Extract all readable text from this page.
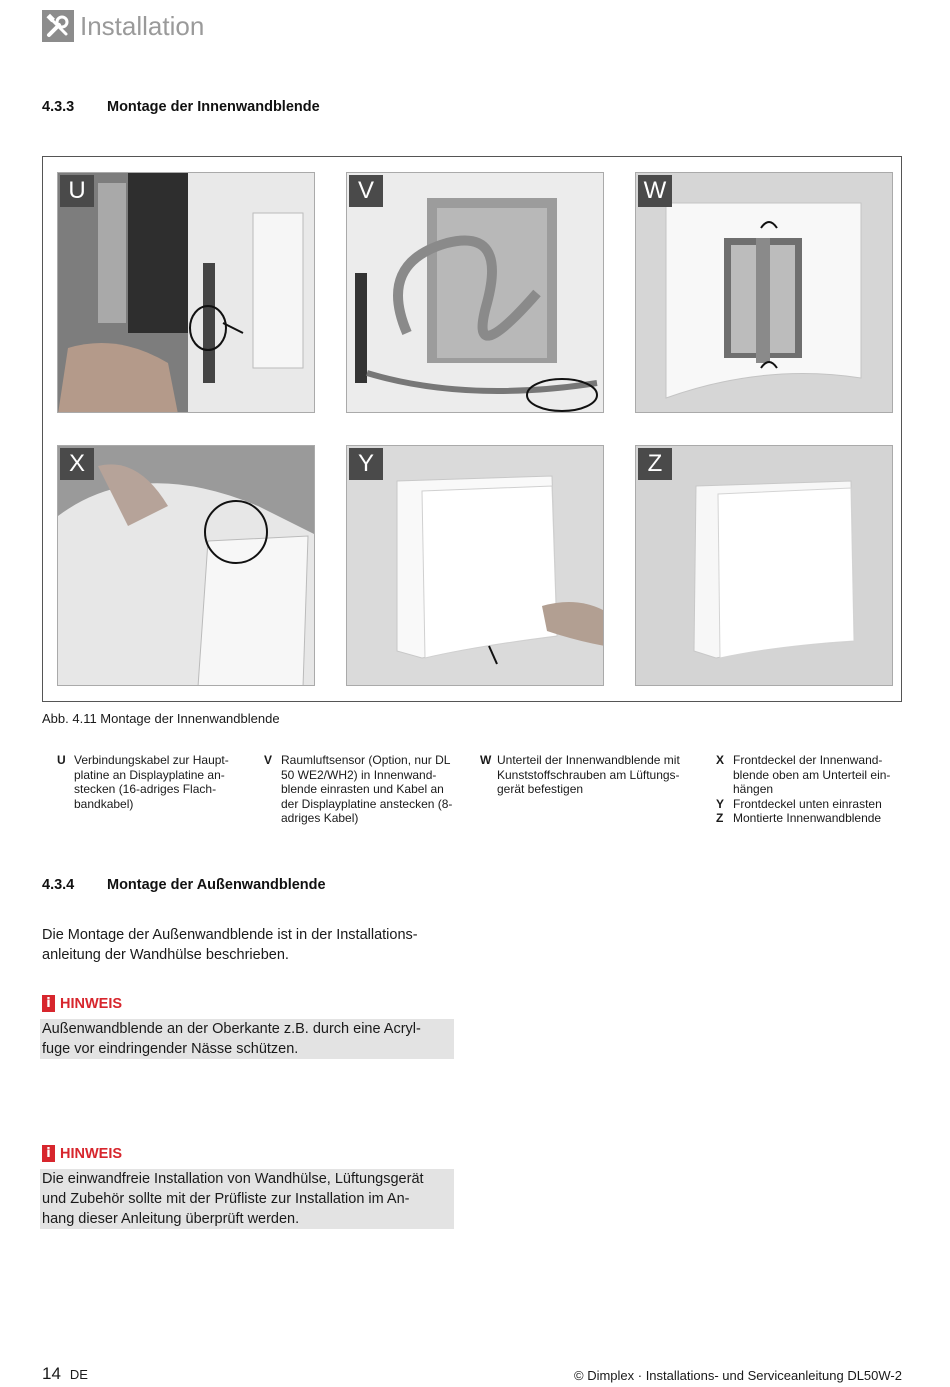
Installation
4.3.3 Montage der Innenwandblende
U	V	W
X	Y	Z
Abb. 4.11 Montage der Innenwandblende
U Verbindungskabel zur Haupt-
platine an Displayplatine an-
stecken (16-adriges Flach-
bandkabel)
V Raumluftsensor (Option, nur DL
50 WE2/WH2) in Innenwand-
blende einrasten und Kabel an
der Displayplatine anstecken (8-
adriges Kabel)
W Unterteil der Innenwandblende mit
Kunststoffschrauben am Lüftungs-
gerät befestigen
X Frontdeckel der Innenwand-
blende oben am Unterteil ein-
hängen
Y Frontdeckel unten einrasten
Z Montierte Innenwandblende
4.3.4 Montage der Außenwandblende
Die Montage der Außenwandblende ist in der Installations-
anleitung der Wandhülse beschrieben.
i HINWEIS
Außenwandblende an der Oberkante z.B. durch eine Acryl-
fuge vor eindringender Nässe schützen.
i HINWEIS
Die einwandfreie Installation von Wandhülse, Lüftungsgerät
und Zubehör sollte mit der Prüfliste zur Installation im An-
hang dieser Anleitung überprüft werden.
14 DE	© Dimplex · Installations- und Serviceanleitung DL50W-2
